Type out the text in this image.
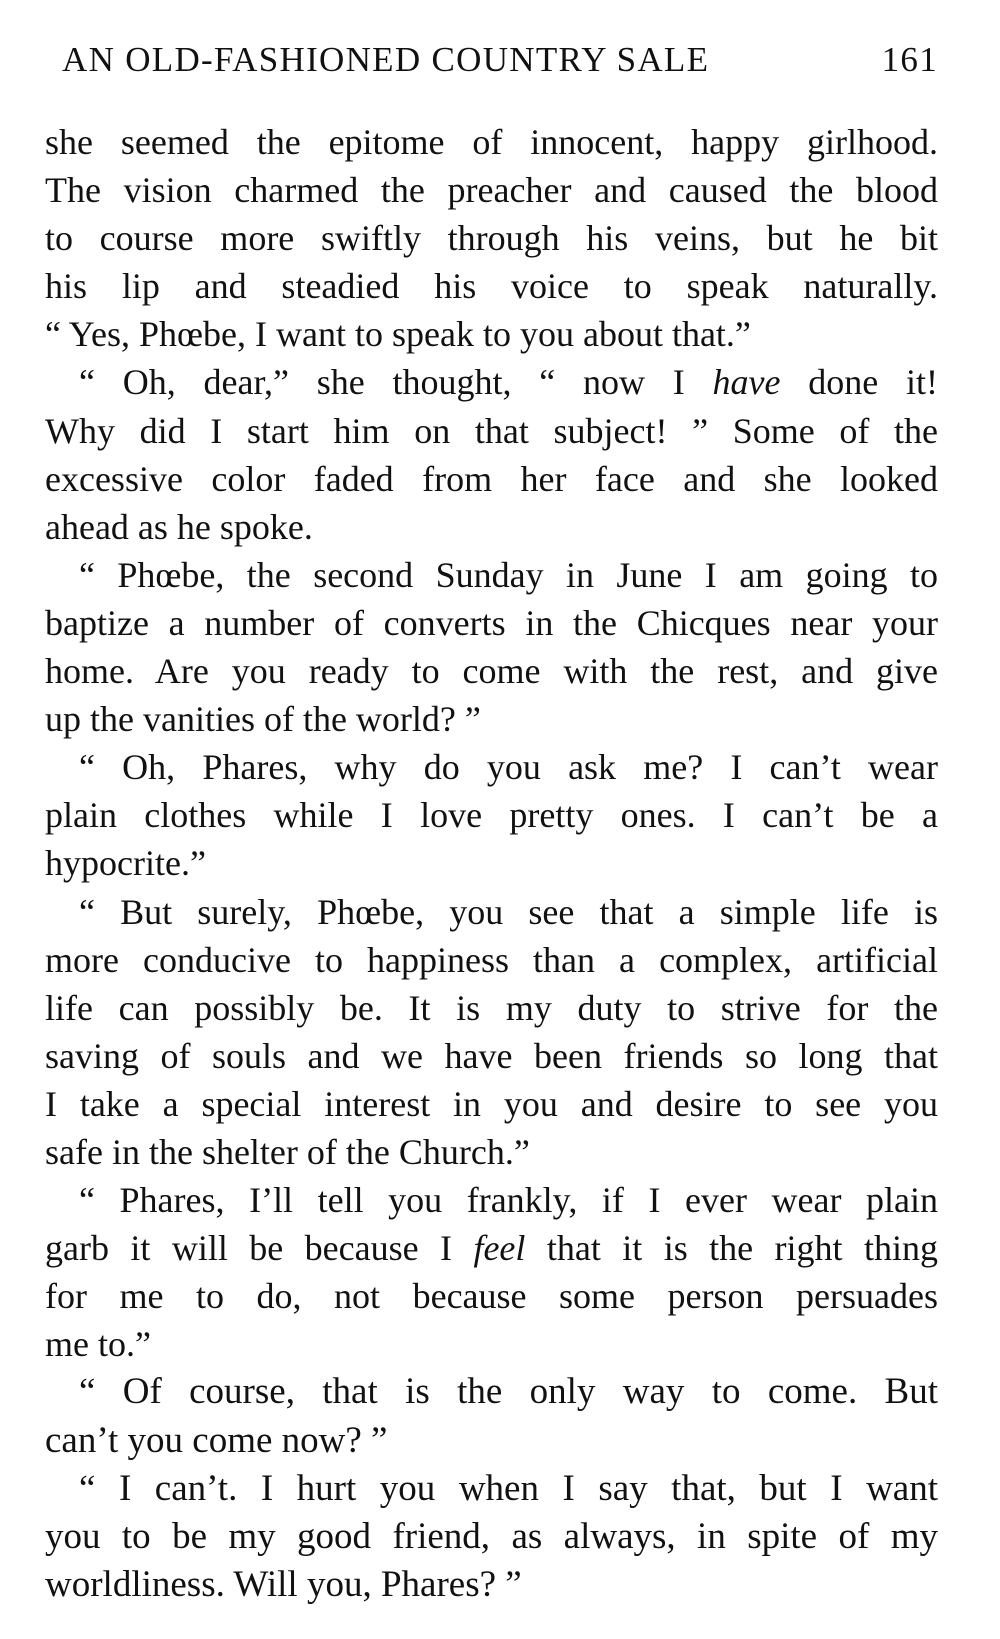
AN OLD-FASHIONED COUNTRY SALE	161
she seemed the epitome of innocent, happy girlhood.
The vision charmed the preacher and caused the blood
to course more swiftly through his veins, but he bit
his lip and steadied his voice to speak naturally.
“ Yes, Phœbe, I want to speak to you about that.”
“ Oh, dear,” she thought, “ now I have done it!
Why did I start him on that subject! ” Some of the
excessive color faded from her face and she looked
ahead as he spoke.
“ Phœbe, the second Sunday in June I am going to
baptize a number of converts in the Chicques near your
home. Are you ready to come with the rest, and give
up the vanities of the world? ”
“ Oh, Phares, why do you ask me? I can’t wear
plain clothes while I love pretty ones. I can’t be a
hypocrite.”
“ But surely, Phœbe, you see that a simple life is
more conducive to happiness than a complex, artificial
life can possibly be. It is my duty to strive for the
saving of souls and we have been friends so long that
I take a special interest in you and desire to see you
safe in the shelter of the Church.”
“ Phares, I’ll tell you frankly, if I ever wear plain
garb it will be because I feel that it is the right thing
for me to do, not because some person persuades
me to.”
“ Of course, that is the only way to come. But
can’t you come now? ”
“ I can’t. I hurt you when I say that, but I want
you to be my good friend, as always, in spite of my
worldliness. Will you, Phares? ”
